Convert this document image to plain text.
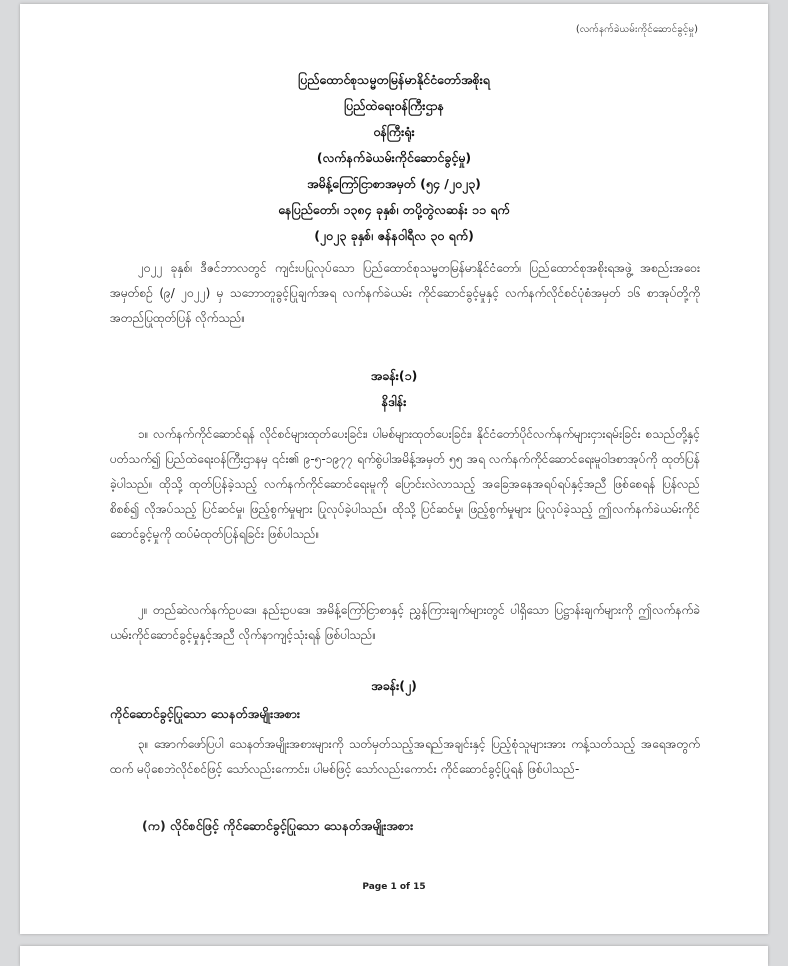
(လက်နက်ခဲယမ်းကိုင်ဆောင်ခွင့်မှု)
ပြည်ထောင်စုသမ္မတမြန်မာနိုင်ငံတော်အစိုးရ
ပြည်ထဲရေးဝန်ကြီးဌာန
ဝန်ကြီးရုံး
(လက်နက်ခဲယမ်းကိုင်ဆောင်ခွင့်မှု)
အမိန့်ကြော်ငြာစာအမှတ် (၅၄ /၂၀၂၃)
နေပြည်တော်၊ ၁၃၈၄ ခုနှစ်၊ တပို့တွဲလဆန်း ၁၁ ရက်
(၂၀၂၃ ခုနှစ်၊ ဇန်နဝါရီလ ၃၀ ရက်)
၂၀၂၂ ခုနှစ်၊ ဒီဇင်ဘာလတွင် ကျင်းပပြုလုပ်သော ပြည်ထောင်စုသမ္မတမြန်မာနိုင်ငံတော်၊ ပြည်ထောင်စုအစိုးရအဖွဲ့ အစည်းအဝေးအမှတ်စဉ် (၉/ ၂၀၂၂) မှ သဘောတူခွင့်ပြုချက်အရ လက်နက်ခဲယမ်း ကိုင်ဆောင်ခွင့်မှုနှင့် လက်နက်လိုင်စင်ပုံစံအမှတ် ၁၆ စာအုပ်တို့ကို အတည်ပြုထုတ်ပြန် လိုက်သည်။
အခန်း(၁)
နိဒါန်း
၁။ လက်နက်ကိုင်ဆောင်ရန် လိုင်စင်များထုတ်ပေးခြင်း၊ ပါမစ်များထုတ်ပေးခြင်း၊ နိုင်ငံတော်ပိုင်လက်နက်များငှားရမ်းခြင်း စသည်တို့နှင့်ပတ်သက်၍ ပြည်ထဲရေးဝန်ကြီးဌာနမှ ၎င်း၏ ၉-၅-၁၉၇၇ ရက်စွဲပါအမိန့်အမှတ် ၅၅ အရ လက်နက်ကိုင်ဆောင်ရေးမူဝါဒစာအုပ်ကို ထုတ်ပြန်ခဲ့ပါသည်။ ထိုသို့ ထုတ်ပြန်ခဲ့သည့် လက်နက်ကိုင်ဆောင်ရေးမူကို ပြောင်းလဲလာသည့် အခြေအနေအရပ်ရပ်နှင့်အညီ ဖြစ်စေရန် ပြန်လည်စိစစ်၍ လိုအပ်သည့် ပြင်ဆင်မှု၊ ဖြည့်စွက်မှုများ ပြုလုပ်ခဲ့ပါသည်။ ထိုသို့ ပြင်ဆင်မှု၊ ဖြည့်စွက်မှုများ ပြုလုပ်ခဲ့သည့် ဤလက်နက်ခဲယမ်းကိုင်ဆောင်ခွင့်မှုကို ထပ်မံထုတ်ပြန်ရခြင်း ဖြစ်ပါသည်။
၂။ တည်ဆဲလက်နက်ဥပဒေ၊ နည်းဥပဒေ၊ အမိန့်ကြော်ငြာစာနှင့် ညွှန်ကြားချက်များတွင် ပါရှိသော ပြဋ္ဌာန်းချက်များကို ဤလက်နက်ခဲယမ်းကိုင်ဆောင်ခွင့်မှုနှင့်အညီ လိုက်နာကျင့်သုံးရန် ဖြစ်ပါသည်။
အခန်း(၂)
ကိုင်ဆောင်ခွင့်ပြုသော သေနတ်အမျိုးအစား
၃။ အောက်ဖော်ပြပါ သေနတ်အမျိုးအစားများကို သတ်မှတ်သည့်အရည်အချင်းနှင့် ပြည့်စုံသူများအား ကန့်သတ်သည့် အရေအတွက်ထက် မပိုစေဘဲလိုင်စင်ဖြင့် သော်လည်းကောင်း၊ ပါမစ်ဖြင့် သော်လည်းကောင်း ကိုင်ဆောင်ခွင့်ပြုရန် ဖြစ်ပါသည်-
(က) လိုင်စင်ဖြင့် ကိုင်ဆောင်ခွင့်ပြုသော သေနတ်အမျိုးအစား
Page 1 of 15
